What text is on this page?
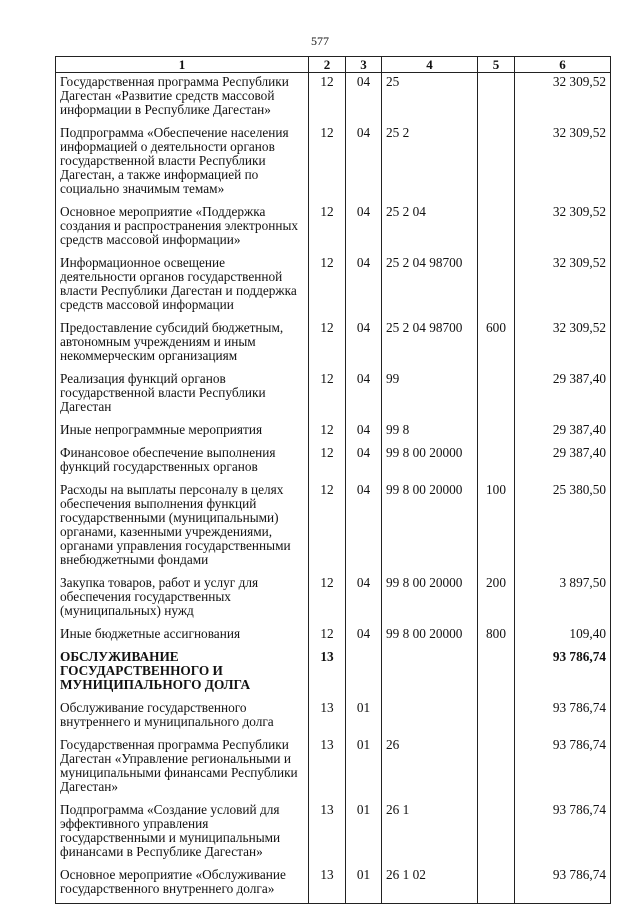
577
1	2	3	4	5	6
Государственная программа Республики Дагестан «Развитие средств массовой информации в Республике Дагестан»	12	04	25		32 309,52
Подпрограмма «Обеспечение населения информацией о деятельности органов государственной власти Республики Дагестан, а также информацией по социально значимым темам»	12	04	25 2		32 309,52
Основное мероприятие «Поддержка создания и распространения электронных средств массовой информации»	12	04	25 2 04		32 309,52
Информационное освещение деятельности органов государственной власти Республики Дагестан и поддержка средств массовой информации	12	04	25 2 04 98700		32 309,52
Предоставление субсидий бюджетным, автономным учреждениям и иным некоммерческим организациям	12	04	25 2 04 98700	600	32 309,52
Реализация функций органов государственной власти Республики Дагестан	12	04	99		29 387,40
Иные непрограммные мероприятия	12	04	99 8		29 387,40
Финансовое обеспечение выполнения функций государственных органов	12	04	99 8 00 20000		29 387,40
Расходы на выплаты персоналу в целях обеспечения выполнения функций государственными (муниципальными) органами, казенными учреждениями, органами управления государственными внебюджетными фондами	12	04	99 8 00 20000	100	25 380,50
Закупка товаров, работ и услуг для обеспечения государственных (муниципальных) нужд	12	04	99 8 00 20000	200	3 897,50
Иные бюджетные ассигнования	12	04	99 8 00 20000	800	109,40
ОБСЛУЖИВАНИЕ ГОСУДАРСТВЕННОГО И МУНИЦИПАЛЬНОГО ДОЛГА	13				93 786,74
Обслуживание государственного внутреннего и муниципального долга	13	01			93 786,74
Государственная программа Республики Дагестан «Управление региональными и муниципальными финансами Республики Дагестан»	13	01	26		93 786,74
Подпрограмма «Создание условий для эффективного управления государственными и муниципальными финансами в Республике Дагестан»	13	01	26 1		93 786,74
Основное мероприятие «Обслуживание государственного внутреннего долга»	13	01	26 1 02		93 786,74
